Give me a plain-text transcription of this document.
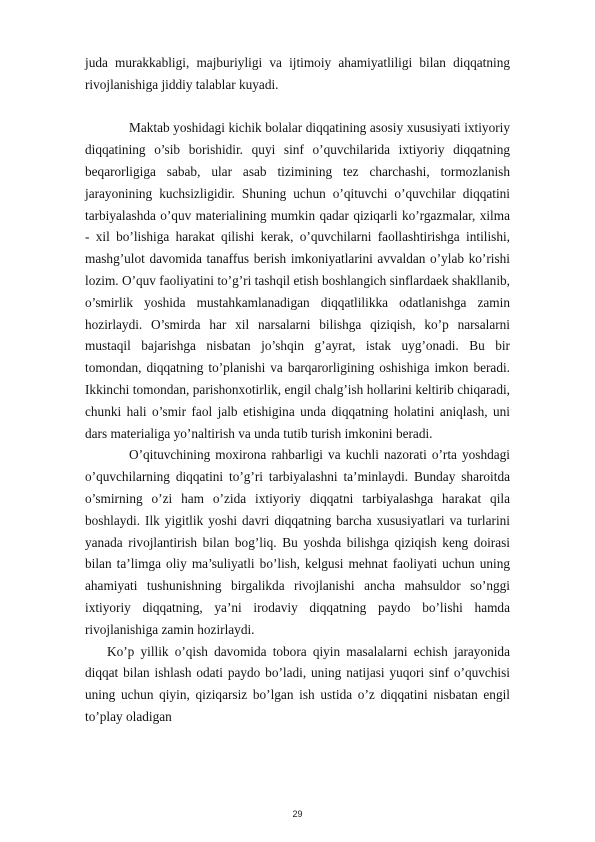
juda murakkabligi, majburiyligi va ijtimoiy ahamiyatliligi bilan diqqatning rivojlanishiga jiddiy talablar kuyadi.

Maktab yoshidagi kichik bolalar diqqatining asosiy xususiyati ixtiyoriy diqqatining o’sib borishidir. quyi sinf o’quvchilarida ixtiyoriy diqqatning beqarorligiga sabab, ular asab tizimining tez charchashi, tormozlanish jarayonining kuchsizligidir. Shuning uchun o’qituvchi o’quvchilar diqqatini tarbiyalashda o’quv materialining mumkin qadar qiziqarli ko’rgazmalar, xilma - xil bo’lishiga harakat qilishi kerak, o’quvchilarni faollashtirishga intilishi, mashg’ulot davomida tanaffus berish imkoniyatlarini avvaldan o’ylab ko’rishi lozim. O’quv faoliyatini to’g’ri tashqil etish boshlangich sinflardaek shakllanib, o’smirlik yoshida mustahkamlanadigan diqqatlilikka odatlanishga zamin hozirlaydi. O’smirda har xil narsalarni bilishga qiziqish, ko’p narsalarni mustaqil bajarishga nisbatan jo’shqin g’ayrat, istak uyg’onadi. Bu bir tomondan, diqqatning to’planishi va barqarorligining oshishiga imkon beradi. Ikkinchi tomondan, parishonxotirlik, engil chalg’ish hollarini keltirib chiqaradi, chunki hali o’smir faol jalb etishigina unda diqqatning holatini aniqlash, uni dars materialiga yo’naltirish va unda tutib turish imkonini beradi.

O’qituvchining moxirona rahbarligi va kuchli nazorati o’rta yoshdagi o’quvchilarning diqqatini to’g’ri tarbiyalashni ta’minlaydi. Bunday sharoitda o’smirning o’zi ham o’zida ixtiyoriy diqqatni tarbiyalashga harakat qila boshlaydi. Ilk yigitlik yoshi davri diqqatning barcha xususiyatlari va turlarini yanada rivojlantirish bilan bog’liq. Bu yoshda bilishga qiziqish keng doirasi bilan ta’limga oliy ma’suliyatli bo’lish, kelgusi mehnat faoliyati uchun uning ahamiyati tushunishning birgalikda rivojlanishi ancha mahsuldor so’nggi ixtiyoriy diqqatning, ya’ni irodaviy diqqatning paydo bo’lishi hamda rivojlanishiga zamin hozirlaydi.

Ko’p yillik o’qish davomida tobora qiyin masalalarni echish jarayonida diqqat bilan ishlash odati paydo bo’ladi, uning natijasi yuqori sinf o’quvchisi uning uchun qiyin, qiziqarsiz bo’lgan ish ustida o’z diqqatini nisbatan engil to’play oladigan

29
